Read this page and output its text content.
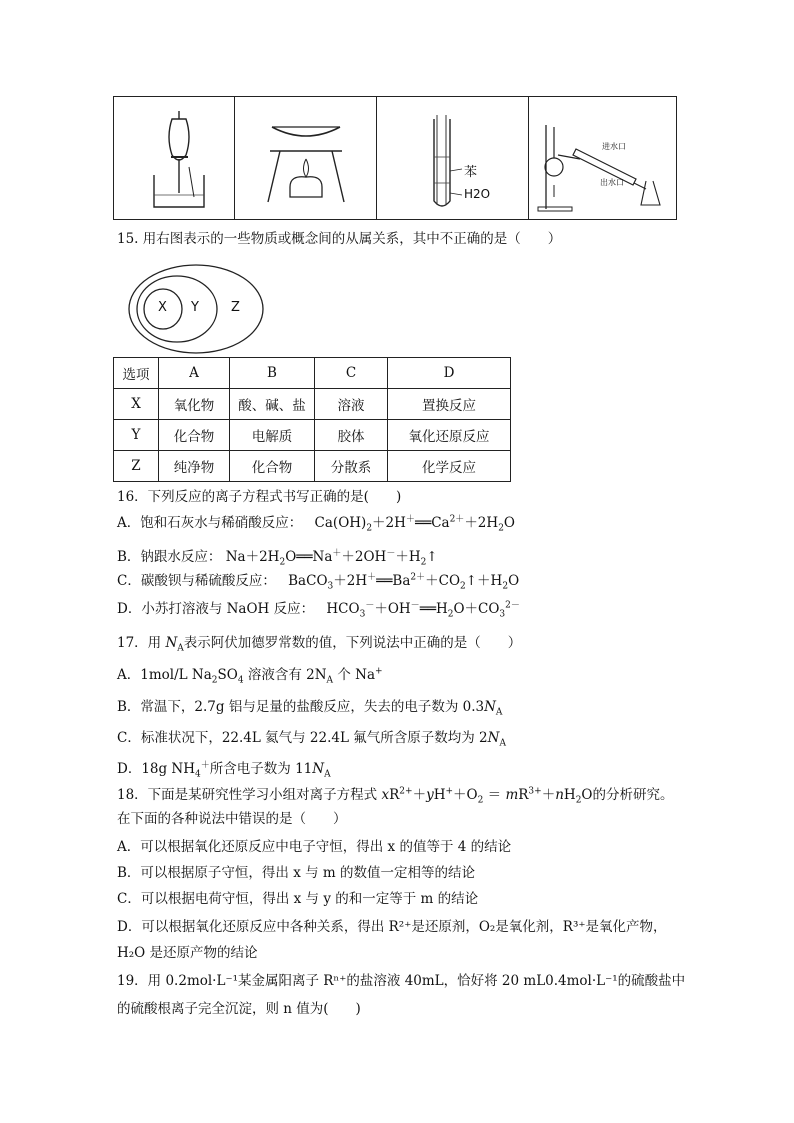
苯
H2O
进水口
出水口
15. 用右图表示的一些物质或概念间的从属关系，其中不正确的是（　　）
X Y Z
选项	A	B	C	D
X	氧化物	酸、碱、盐	溶液	置换反应
Y	化合物	电解质	胶体	氧化还原反应
Z	纯净物	化合物	分散系	化学反应
16．下列反应的离子方程式书写正确的是(　　)
A．饱和石灰水与稀硝酸反应： $Ca(OH)_2+2H^+══Ca^{2+}+2H_2O$
B．钠跟水反应： $Na+2H_2O══Na^++2OH^-+H_2↑$
C．碳酸钡与稀硫酸反应： $BaCO_3+2H^+══Ba^{2+}+CO_2↑+H_2O$
D．小苏打溶液与 NaOH 反应： $HCO_3^-+OH^-══H_2O+CO_3^{2-}$
17．用 $N_A$表示阿伏加德罗常数的值，下列说法中正确的是（　　）
A．1mol/L $Na_2SO_4$ 溶液含有 $2N_A$ 个 Na+
B．常温下，2.7g 铝与足量的盐酸反应，失去的电子数为 $0.3N_A$
C．标准状况下，22.4L 氦气与 22.4L 氟气所含原子数均为 $2N_A$
D．18g $NH_4^+$所含电子数为 $11N_A$
18．下面是某研究性学习小组对离子方程式 $xR^{2+}+yH^++O_2 = mR^{3+}+nH_2O$的分析研究。
在下面的各种说法中错误的是（　　）
A．可以根据氧化还原反应中电子守恒，得出 x 的值等于 4 的结论
B．可以根据原子守恒，得出 x 与 m 的数值一定相等的结论
C．可以根据电荷守恒，得出 x 与 y 的和一定等于 m 的结论
D．可以根据氧化还原反应中各种关系，得出 R²⁺是还原剂，O₂是氧化剂，R³⁺是氧化产物，
H₂O 是还原产物的结论
19．用 0.2mol·L⁻¹某金属阳离子 Rⁿ⁺的盐溶液 40mL，恰好将 20 mL0.4mol·L⁻¹的硫酸盐中
的硫酸根离子完全沉淀，则 n 值为(　　)
